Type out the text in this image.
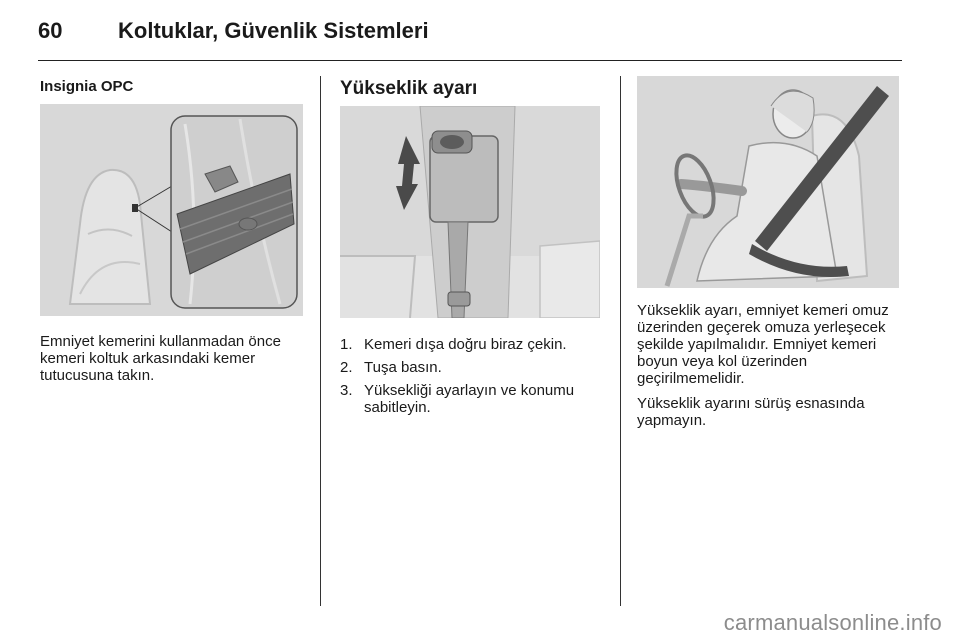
60	Koltuklar, Güvenlik Sistemleri
Insignia OPC

Emniyet kemerini kullanmadan önce kemeri koltuk arkasındaki kemer tutucusuna takın.

Yükseklik ayarı
1. Kemeri dışa doğru biraz çekin.
2. Tuşa basın.
3. Yüksekliği ayarlayın ve konumu sabitleyin.

Yükseklik ayarı, emniyet kemeri omuz üzerinden geçerek omuza yerleşecek şekilde yapılmalıdır. Emniyet kemeri boyun veya kol üzerinden geçirilmemelidir.

Yükseklik ayarını sürüş esnasında yapmayın.

carmanualsonline.info
